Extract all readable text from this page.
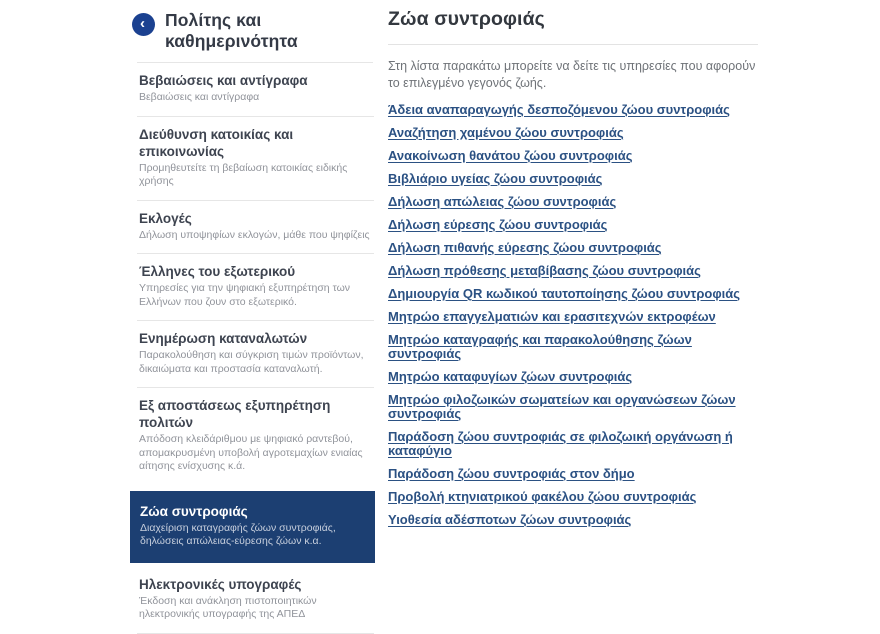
‹ Πολίτης και καθημερινότητα

Βεβαιώσεις και αντίγραφα

Βεβαιώσεις και αντίγραφα

Διεύθυνση κατοικίας και επικοινωνίας

Προμηθευτείτε τη βεβαίωση κατοικίας ειδικής χρήσης

Εκλογές

Δήλωση υποψηφίων εκλογών, μάθε που ψηφίζεις

Έλληνες του εξωτερικού

Υπηρεσίες για την ψηφιακή εξυπηρέτηση των Ελλήνων που ζουν στο εξωτερικό.

Ενημέρωση καταναλωτών

Παρακολούθηση και σύγκριση τιμών προϊόντων, δικαιώματα και προστασία καταναλωτή.

Εξ αποστάσεως εξυπηρέτηση πολιτών

Απόδοση κλειδάριθμου με ψηφιακό ραντεβού, απομακρυσμένη υποβολή αγροτεμαχίων ενιαίας αίτησης ενίσχυσης κ.ά.

Ζώα συντροφιάς

Διαχείριση καταγραφής ζώων συντροφιάς, δηλώσεις απώλειας-εύρεσης ζώων κ.α.

Ηλεκτρονικές υπογραφές

Έκδοση και ανάκληση πιστοποιητικών ηλεκτρονικής υπογραφής της ΑΠΕΔ

Ζώα συντροφιάς

Στη λίστα παρακάτω μπορείτε να δείτε τις υπηρεσίες που αφορούν το επιλεγμένο γεγονός ζωής.

Άδεια αναπαραγωγής δεσποζόμενου ζώου συντροφιάς
Αναζήτηση χαμένου ζώου συντροφιάς
Ανακοίνωση θανάτου ζώου συντροφιάς
Βιβλιάριο υγείας ζώου συντροφιάς
Δήλωση απώλειας ζώου συντροφιάς
Δήλωση εύρεσης ζώου συντροφιάς
Δήλωση πιθανής εύρεσης ζώου συντροφιάς
Δήλωση πρόθεσης μεταβίβασης ζώου συντροφιάς
Δημιουργία QR κωδικού ταυτοποίησης ζώου συντροφιάς
Μητρώο επαγγελματιών και ερασιτεχνών εκτροφέων
Μητρώο καταγραφής και παρακολούθησης ζώων συντροφιάς
Μητρώο καταφυγίων ζώων συντροφιάς
Μητρώο φιλοζωικών σωματείων και οργανώσεων ζώων συντροφιάς
Παράδοση ζώου συντροφιάς σε φιλοζωική οργάνωση ή καταφύγιο
Παράδοση ζώου συντροφιάς στον δήμο
Προβολή κτηνιατρικού φακέλου ζώου συντροφιάς
Υιοθεσία αδέσποτων ζώων συντροφιάς
